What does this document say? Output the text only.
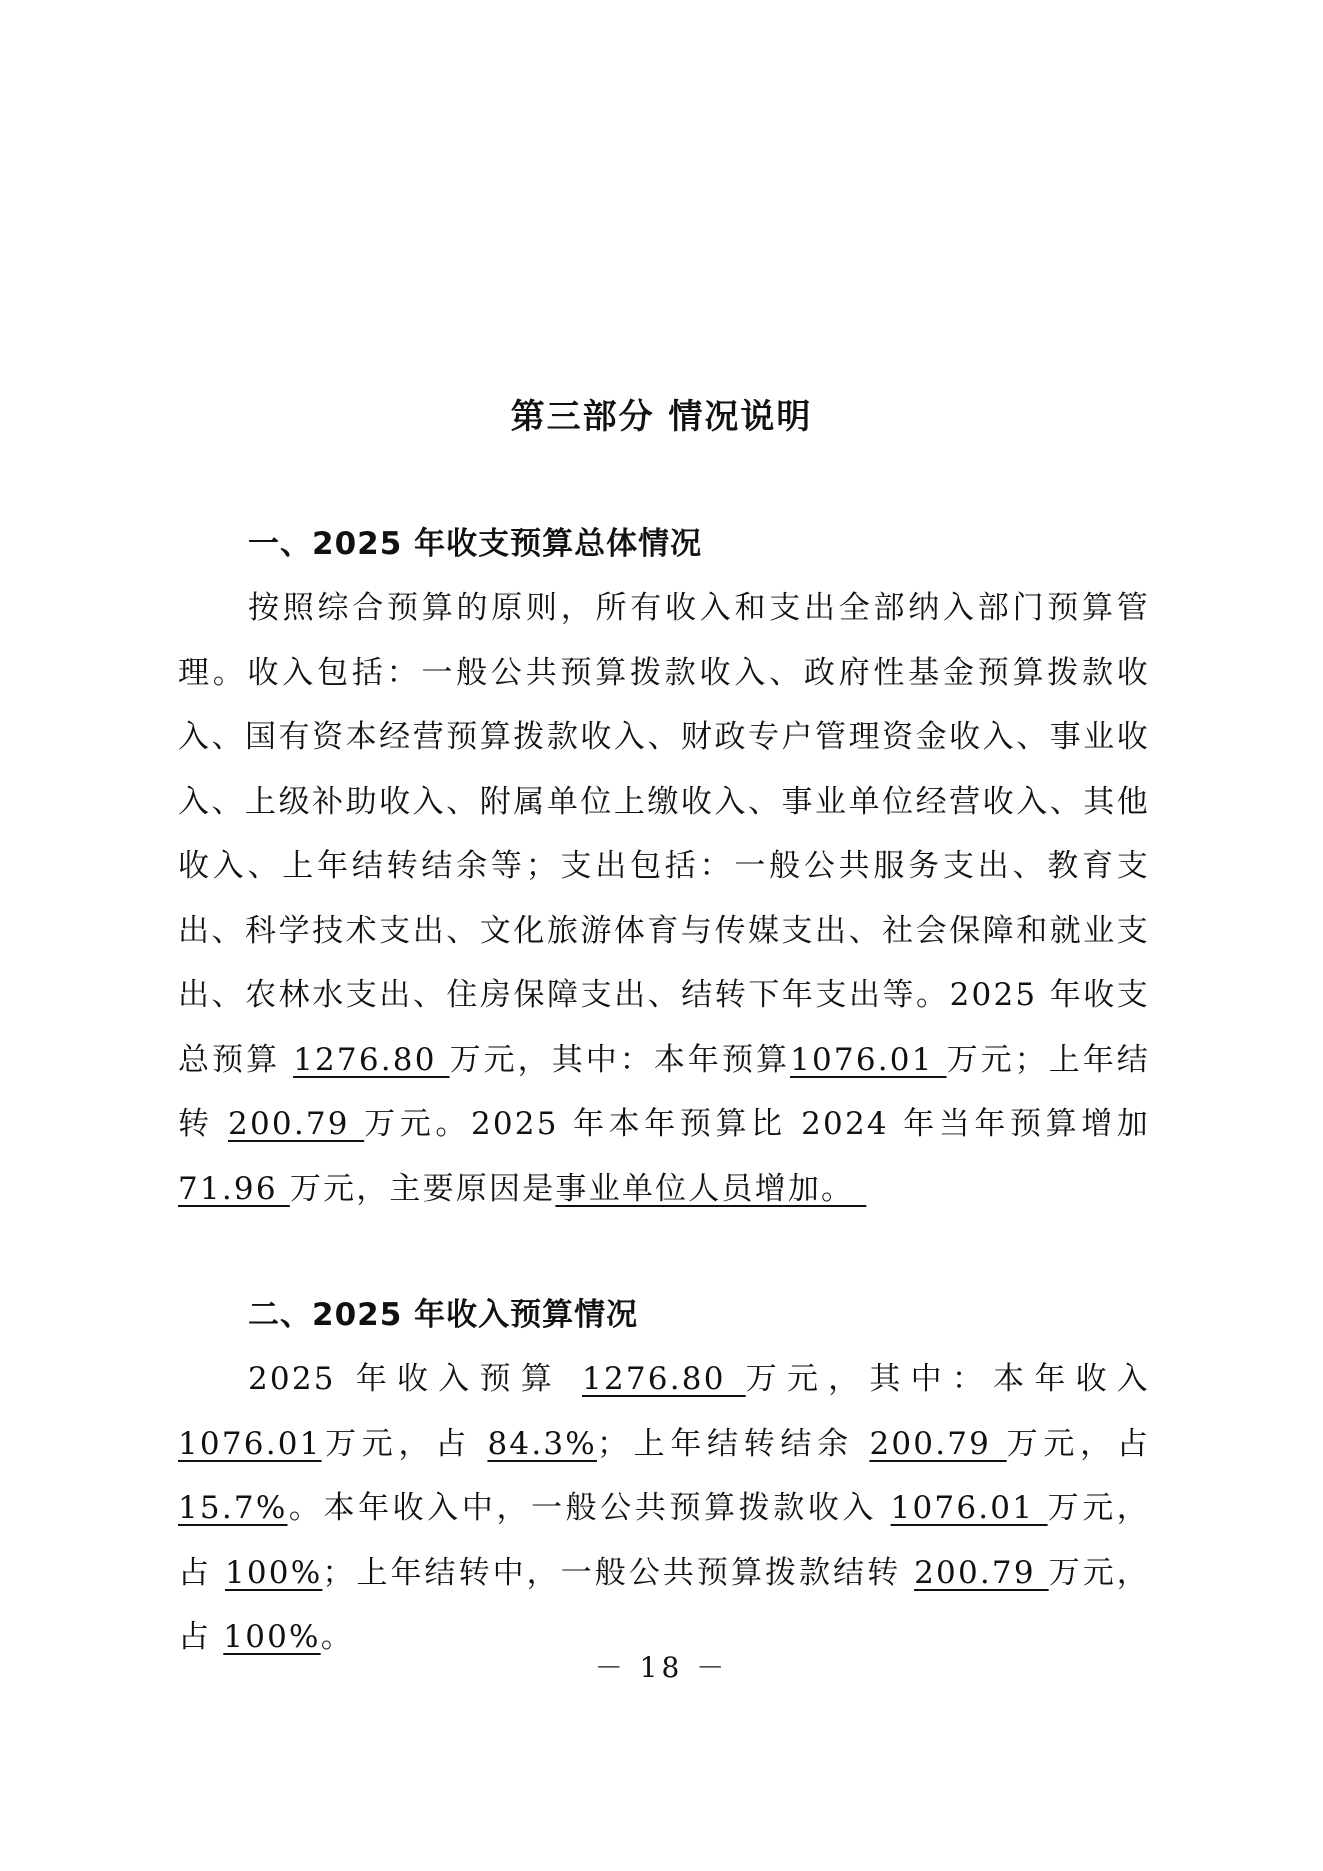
第三部分 情况说明
一、2025 年收支预算总体情况

按照综合预算的原则，所有收入和支出全部纳入部门预算管理。收入包括：一般公共预算拨款收入、政府性基金预算拨款收入、国有资本经营预算拨款收入、财政专户管理资金收入、事业收入、上级补助收入、附属单位上缴收入、事业单位经营收入、其他收入、上年结转结余等；支出包括：一般公共服务支出、教育支出、科学技术支出、文化旅游体育与传媒支出、社会保障和就业支出、农林水支出、住房保障支出、结转下年支出等。2025 年收支总预算 1276.80 万元，其中：本年预算1076.01 万元；上年结转 200.79 万元。2025 年本年预算比 2024 年当年预算增加 71.96 万元，主要原因是事业单位人员增加。

二、2025 年收入预算情况

2025 年收入预算 1276.80 万元，其中：本年收入 1076.01万元，占 84.3%；上年结转结余 200.79 万元，占 15.7%。本年收入中，一般公共预算拨款收入 1076.01 万元，占 100%；上年结转中，一般公共预算拨款结转 200.79 万元，占 100%。

－ 18 －
